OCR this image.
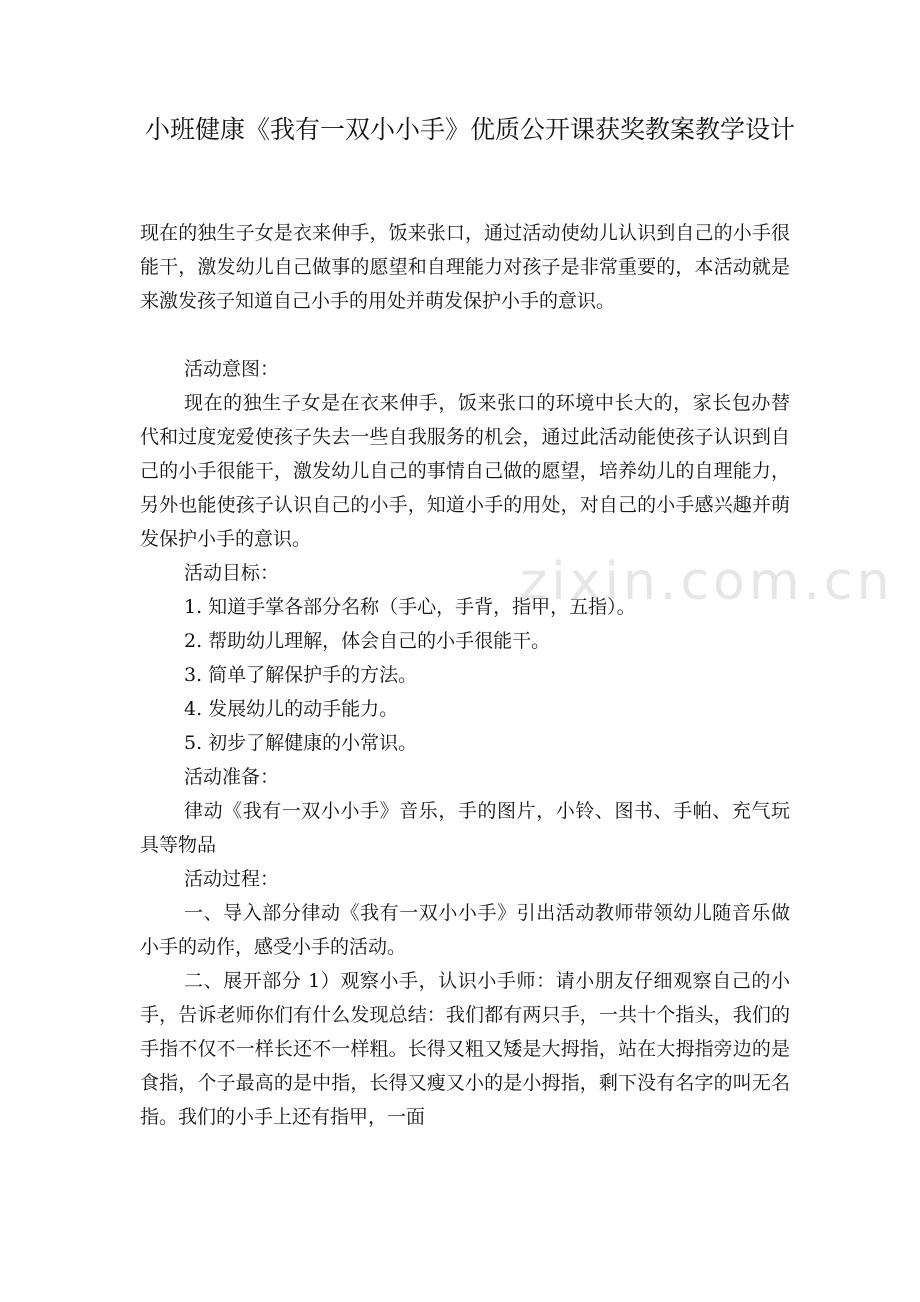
zixin.com.cn
小班健康《我有一双小小手》优质公开课获奖教案教学设计

现在的独生子女是衣来伸手，饭来张口，通过活动使幼儿认识到自己的小手很能干，激发幼儿自己做事的愿望和自理能力对孩子是非常重要的，本活动就是来激发孩子知道自己小手的用处并萌发保护小手的意识。

活动意图：

现在的独生子女是在衣来伸手，饭来张口的环境中长大的，家长包办替代和过度宠爱使孩子失去一些自我服务的机会，通过此活动能使孩子认识到自己的小手很能干，激发幼儿自己的事情自己做的愿望，培养幼儿的自理能力，另外也能使孩子认识自己的小手，知道小手的用处，对自己的小手感兴趣并萌发保护小手的意识。

活动目标：

1. 知道手掌各部分名称（手心，手背，指甲，五指）。

2. 帮助幼儿理解，体会自己的小手很能干。

3. 简单了解保护手的方法。

4. 发展幼儿的动手能力。

5. 初步了解健康的小常识。

活动准备：

律动《我有一双小小手》音乐，手的图片，小铃、图书、手帕、充气玩具等物品

活动过程：

一、导入部分律动《我有一双小小手》引出活动教师带领幼儿随音乐做小手的动作，感受小手的活动。

二、展开部分 1）观察小手，认识小手师：请小朋友仔细观察自己的小手，告诉老师你们有什么发现总结：我们都有两只手，一共十个指头，我们的手指不仅不一样长还不一样粗。长得又粗又矮是大拇指，站在大拇指旁边的是食指，个子最高的是中指，长得又瘦又小的是小拇指，剩下没有名字的叫无名指。我们的小手上还有指甲，一面
